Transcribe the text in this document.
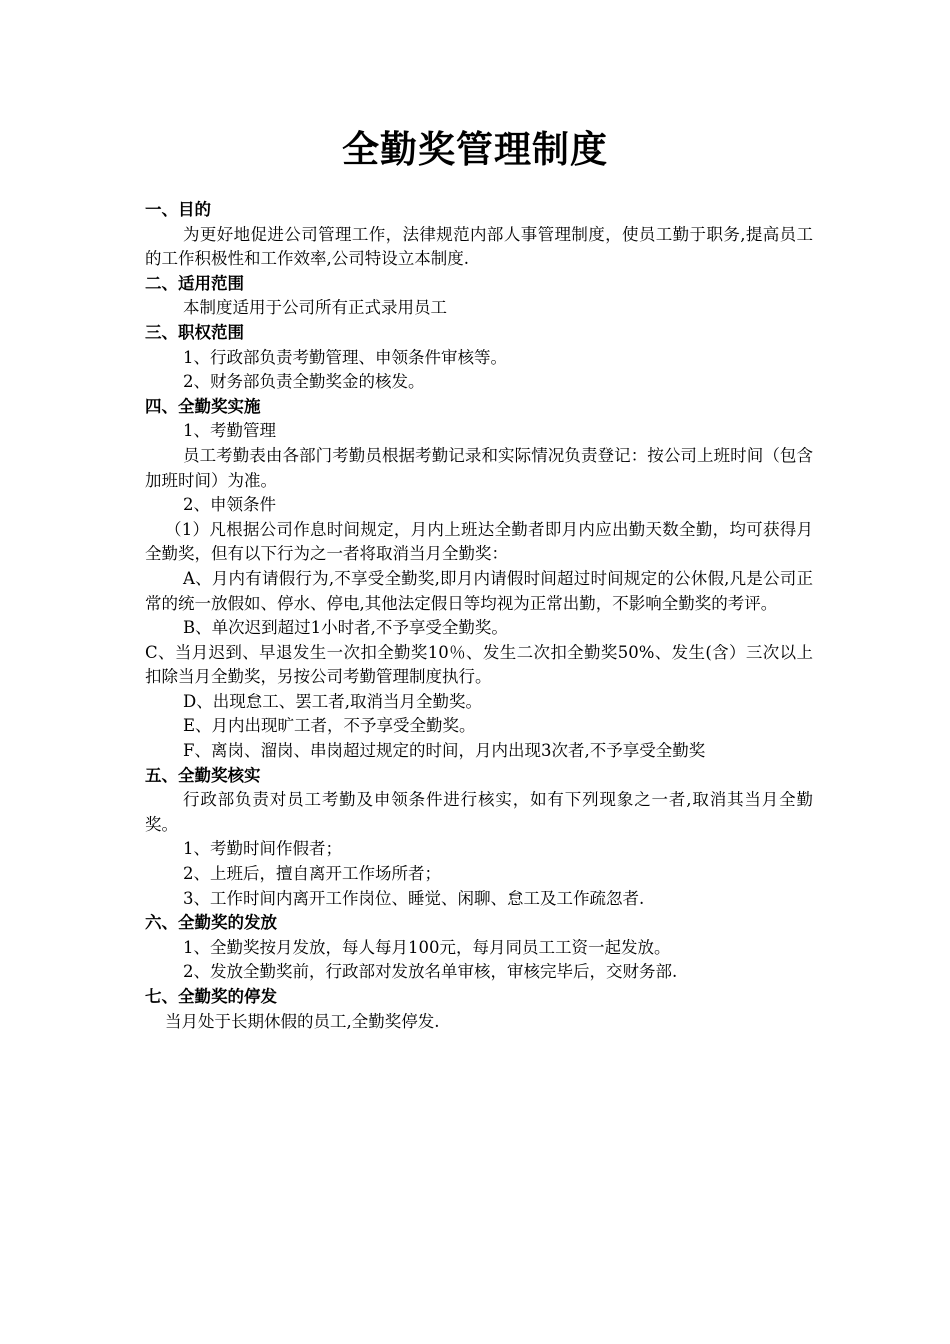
全勤奖管理制度

一、目的

为更好地促进公司管理工作，法律规范内部人事管理制度，使员工勤于职务,提高员工的工作积极性和工作效率,公司特设立本制度.

二、适用范围

本制度适用于公司所有正式录用员工

三、职权范围

1、行政部负责考勤管理、申领条件审核等。

2、财务部负责全勤奖金的核发。

四、全勤奖实施

1、考勤管理

员工考勤表由各部门考勤员根据考勤记录和实际情况负责登记：按公司上班时间（包含加班时间）为准。

2、申领条件

（1）凡根据公司作息时间规定，月内上班达全勤者即月内应出勤天数全勤，均可获得月全勤奖，但有以下行为之一者将取消当月全勤奖：

A、月内有请假行为,不享受全勤奖,即月内请假时间超过时间规定的公休假,凡是公司正常的统一放假如、停水、停电,其他法定假日等均视为正常出勤，不影响全勤奖的考评。

B、单次迟到超过1小时者,不予享受全勤奖。

C、当月迟到、早退发生一次扣全勤奖10％、发生二次扣全勤奖50%、发生(含）三次以上扣除当月全勤奖，另按公司考勤管理制度执行。

D、出现怠工、罢工者,取消当月全勤奖。

E、月内出现旷工者，不予享受全勤奖。

F、离岗、溜岗、串岗超过规定的时间，月内出现3次者,不予享受全勤奖

五、全勤奖核实

行政部负责对员工考勤及申领条件进行核实，如有下列现象之一者,取消其当月全勤奖。

1、考勤时间作假者；

2、上班后，擅自离开工作场所者；

3、工作时间内离开工作岗位、睡觉、闲聊、怠工及工作疏忽者.

六、全勤奖的发放

1、全勤奖按月发放，每人每月100元，每月同员工工资一起发放。

2、发放全勤奖前，行政部对发放名单审核，审核完毕后，交财务部.

七、全勤奖的停发

当月处于长期休假的员工,全勤奖停发.
